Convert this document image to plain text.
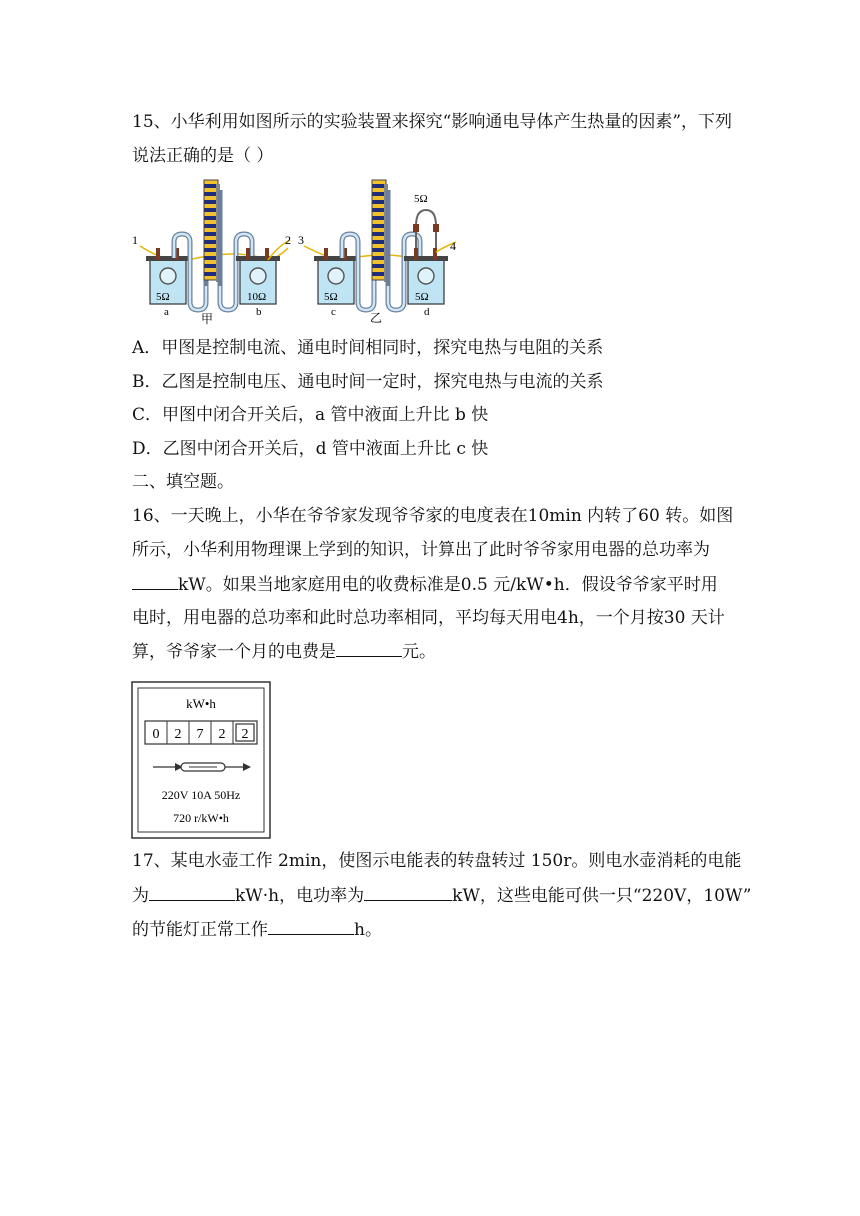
15、小华利用如图所示的实验装置来探究“影响通电导体产生热量的因素”，下列
说法正确的是（ ）
1	2
5Ω	10Ω
a	b
甲
3	4
5Ω
5Ω	5Ω
c	d
乙
A．甲图是控制电流、通电时间相同时，探究电热与电阻的关系
B．乙图是控制电压、通电时间一定时，探究电热与电流的关系
C．甲图中闭合开关后，a 管中液面上升比 b 快
D．乙图中闭合开关后，d 管中液面上升比 c 快
二、填空题。
16、一天晚上，小华在爷爷家发现爷爷家的电度表在10min 内转了60 转。如图
所示，小华利用物理课上学到的知识，计算出了此时爷爷家用电器的总功率为
kW。如果当地家庭用电的收费标准是0.5 元/kW•h．假设爷爷家平时用
电时，用电器的总功率和此时总功率相同，平均每天用电4h，一个月按30 天计
算，爷爷家一个月的电费是	元。
kW•h
0 2 7 2 2
220V 10A 50Hz
720 r/kW•h
17、某电水壶工作 2min，使图示电能表的转盘转过 150r。则电水壶消耗的电能
为	kW·h，电功率为	kW，这些电能可供一只“220V，10W”
的节能灯正常工作	h。
